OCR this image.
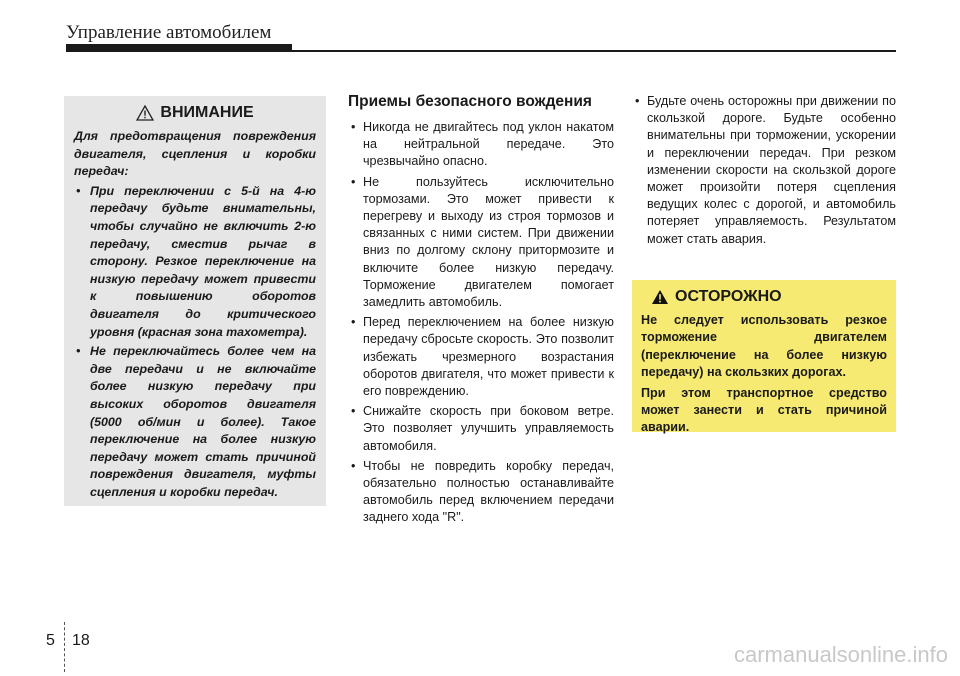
Управление автомобилем
ВНИМАНИЕ

Для предотвращения повреждения двигателя, сцепления и коробки передач:

• При переключении с 5-й на 4-ю передачу будьте внимательны, чтобы случайно не включить 2-ю передачу, сместив рычаг в сторону. Резкое переключение на низкую передачу может привести к повышению оборотов двигателя до критического уровня (красная зона тахометра).
• Не переключайтесь более чем на две передачи и не включайте более низкую передачу при высоких оборотов двигателя (5000 об/мин и более). Такое переключение на более низкую передачу может стать причиной повреждения двигателя, муфты сцепления и коробки передач.
Приемы безопасного вождения
• Никогда не двигайтесь под уклон накатом на нейтральной передаче. Это чрезвычайно опасно.
• Не пользуйтесь исключительно тормозами. Это может привести к перегреву и выходу из строя тормозов и связанных с ними систем. При движении вниз по долгому склону притормозите и включите более низкую передачу. Торможение двигателем помогает замедлить автомобиль.
• Перед переключением на более низкую передачу сбросьте скорость. Это позволит избежать чрезмерного возрастания оборотов двигателя, что может привести к его повреждению.
• Снижайте скорость при боковом ветре. Это позволяет улучшить управляемость автомобиля.
• Чтобы не повредить коробку передач, обязательно полностью останавливайте автомобиль перед включением передачи заднего хода "R".
• Будьте очень осторожны при движении по скользкой дороге. Будьте особенно внимательны при торможении, ускорении и переключении передач. При резком изменении скорости на скользкой дороге может произойти потеря сцепления ведущих колес с дорогой, и автомобиль потеряет управляемость. Результатом может стать авария.
ОСТОРОЖНО

Не следует использовать резкое торможение двигателем (переключение на более низкую передачу) на скользких дорогах.

При этом транспортное средство может занести и стать причиной аварии.

5 18
carmanualsonline.info
